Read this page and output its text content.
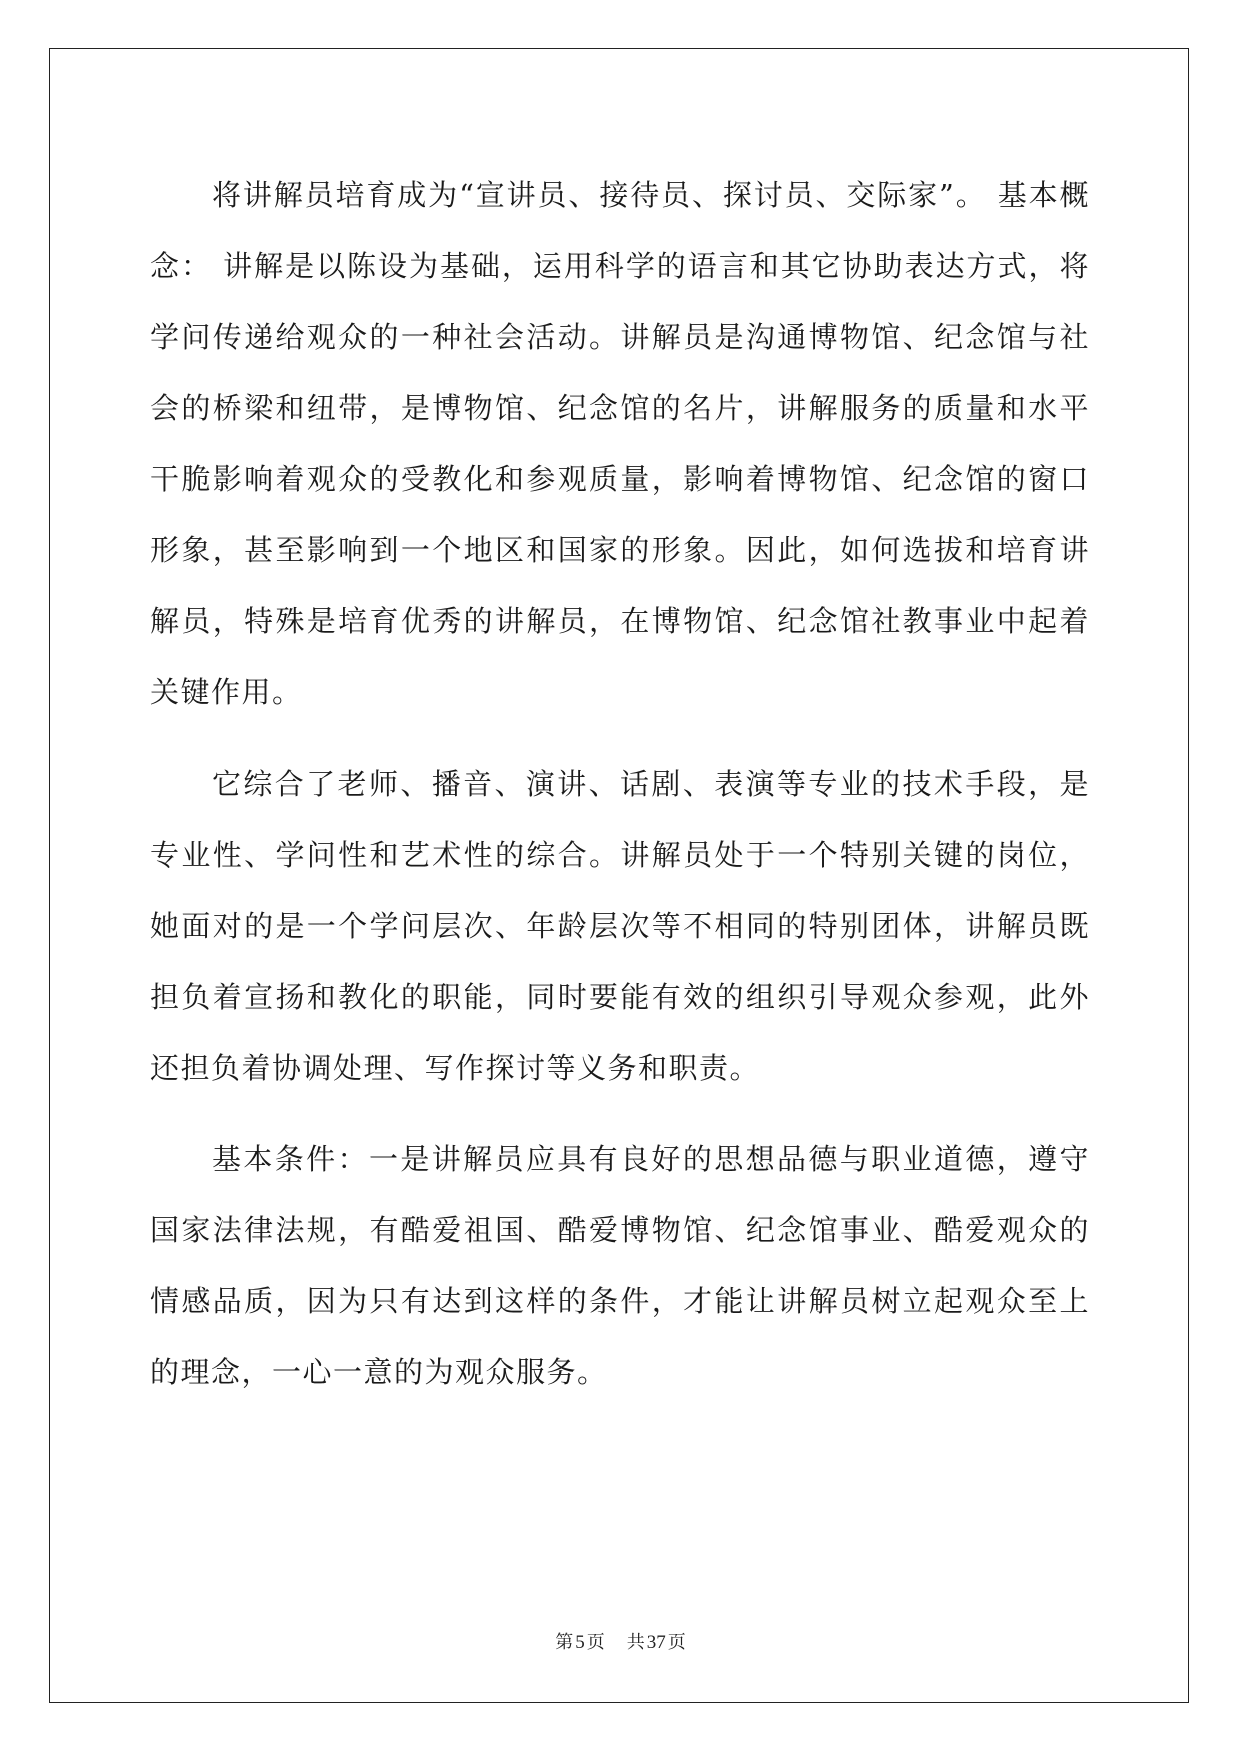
将讲解员培育成为“宣讲员、接待员、探讨员、交际家”。 基本概念： 讲解是以陈设为基础，运用科学的语言和其它协助表达方式，将学问传递给观众的一种社会活动。讲解员是沟通博物馆、纪念馆与社会的桥梁和纽带，是博物馆、纪念馆的名片，讲解服务的质量和水平干脆影响着观众的受教化和参观质量，影响着博物馆、纪念馆的窗口形象，甚至影响到一个地区和国家的形象。因此，如何选拔和培育讲解员，特殊是培育优秀的讲解员，在博物馆、纪念馆社教事业中起着关键作用。

它综合了老师、播音、演讲、话剧、表演等专业的技术手段，是专业性、学问性和艺术性的综合。讲解员处于一个特别关键的岗位，她面对的是一个学问层次、年龄层次等不相同的特别团体，讲解员既担负着宣扬和教化的职能，同时要能有效的组织引导观众参观，此外还担负着协调处理、写作探讨等义务和职责。

基本条件：一是讲解员应具有良好的思想品德与职业道德，遵守国家法律法规，有酷爱祖国、酷爱博物馆、纪念馆事业、酷爱观众的情感品质，因为只有达到这样的条件，才能让讲解员树立起观众至上的理念，一心一意的为观众服务。

第 5 页 共 37 页
